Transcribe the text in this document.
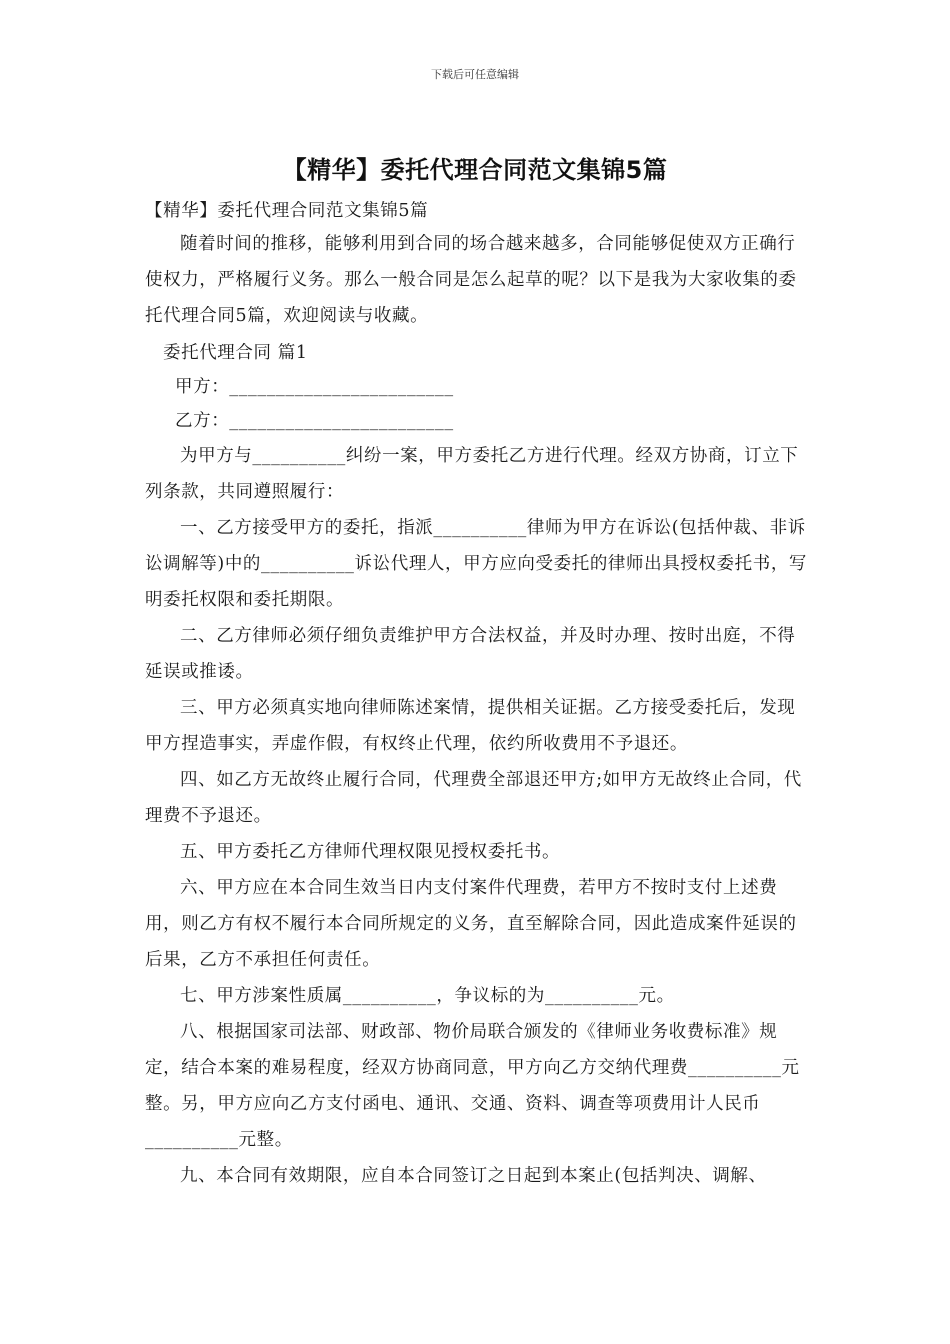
下载后可任意编辑
【精华】委托代理合同范文集锦5篇

【精华】委托代理合同范文集锦5篇

随着时间的推移，能够利用到合同的场合越来越多，合同能够促使双方正确行使权力，严格履行义务。那么一般合同是怎么起草的呢？以下是我为大家收集的委托代理合同5篇，欢迎阅读与收藏。

委托代理合同 篇1

甲方：________________________

乙方：________________________

为甲方与__________纠纷一案，甲方委托乙方进行代理。经双方协商，订立下列条款，共同遵照履行：

一、乙方接受甲方的委托，指派__________律师为甲方在诉讼(包括仲裁、非诉讼调解等)中的__________诉讼代理人，甲方应向受委托的律师出具授权委托书，写明委托权限和委托期限。

二、乙方律师必须仔细负责维护甲方合法权益，并及时办理、按时出庭，不得延误或推诿。

三、甲方必须真实地向律师陈述案情，提供相关证据。乙方接受委托后，发现甲方捏造事实，弄虚作假，有权终止代理，依约所收费用不予退还。

四、如乙方无故终止履行合同，代理费全部退还甲方;如甲方无故终止合同，代理费不予退还。

五、甲方委托乙方律师代理权限见授权委托书。

六、甲方应在本合同生效当日内支付案件代理费，若甲方不按时支付上述费用，则乙方有权不履行本合同所规定的义务，直至解除合同，因此造成案件延误的后果，乙方不承担任何责任。

七、甲方涉案性质属__________，争议标的为__________元。

八、根据国家司法部、财政部、物价局联合颁发的《律师业务收费标准》规定，结合本案的难易程度，经双方协商同意，甲方向乙方交纳代理费__________元整。另，甲方应向乙方支付函电、通讯、交通、资料、调查等项费用计人民币__________元整。

九、本合同有效期限，应自本合同签订之日起到本案止(包括判决、调解、
